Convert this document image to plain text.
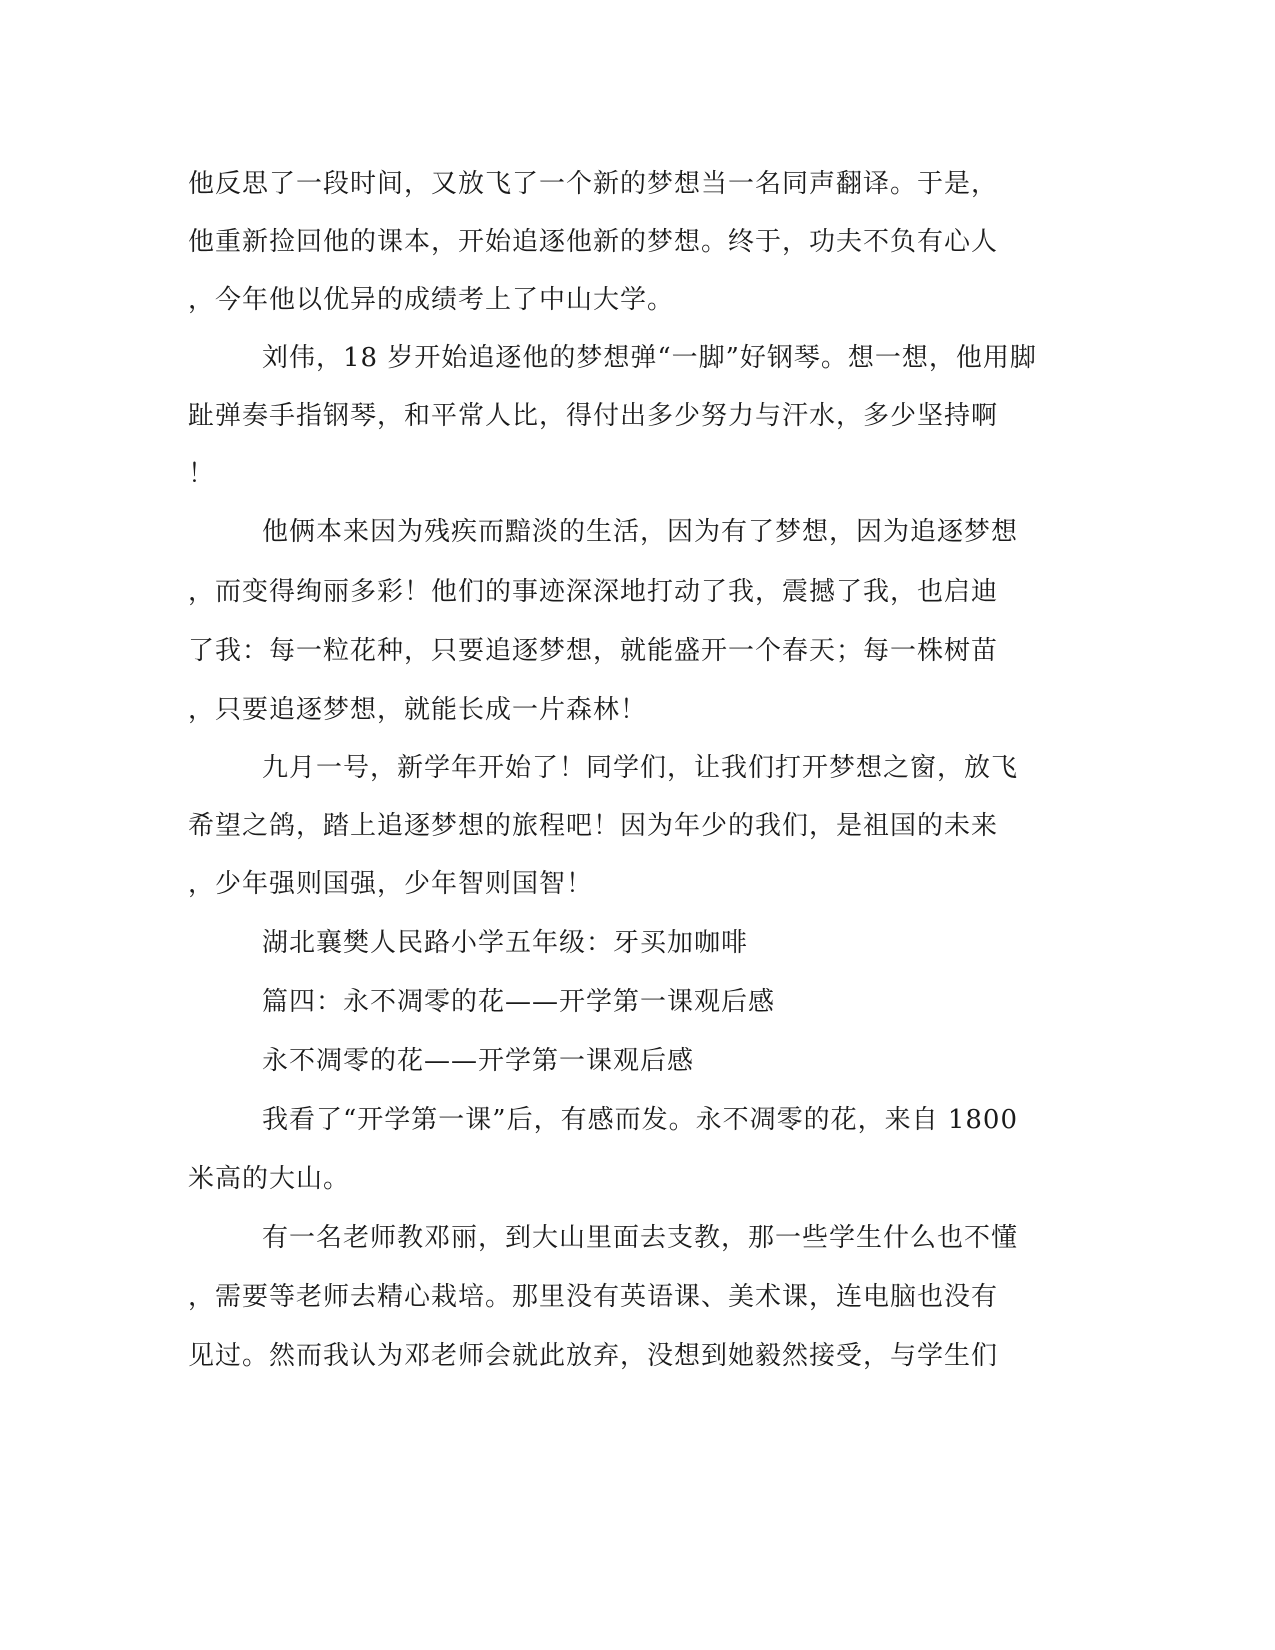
他反思了一段时间，又放飞了一个新的梦想当一名同声翻译。于是，
他重新捡回他的课本，开始追逐他新的梦想。终于，功夫不负有心人
，今年他以优异的成绩考上了中山大学。
刘伟，18 岁开始追逐他的梦想弹“一脚”好钢琴。想一想，他用脚
趾弹奏手指钢琴，和平常人比，得付出多少努力与汗水，多少坚持啊
！
他俩本来因为残疾而黯淡的生活，因为有了梦想，因为追逐梦想
，而变得绚丽多彩！他们的事迹深深地打动了我，震撼了我，也启迪
了我：每一粒花种，只要追逐梦想，就能盛开一个春天；每一株树苗
，只要追逐梦想，就能长成一片森林！
九月一号，新学年开始了！同学们，让我们打开梦想之窗，放飞
希望之鸽，踏上追逐梦想的旅程吧！因为年少的我们，是祖国的未来
，少年强则国强，少年智则国智！
湖北襄樊人民路小学五年级：牙买加咖啡
篇四：永不凋零的花——开学第一课观后感
永不凋零的花——开学第一课观后感
我看了“开学第一课”后，有感而发。永不凋零的花，来自 1800
米高的大山。
有一名老师教邓丽，到大山里面去支教，那一些学生什么也不懂
，需要等老师去精心栽培。那里没有英语课、美术课，连电脑也没有
见过。然而我认为邓老师会就此放弃，没想到她毅然接受，与学生们
